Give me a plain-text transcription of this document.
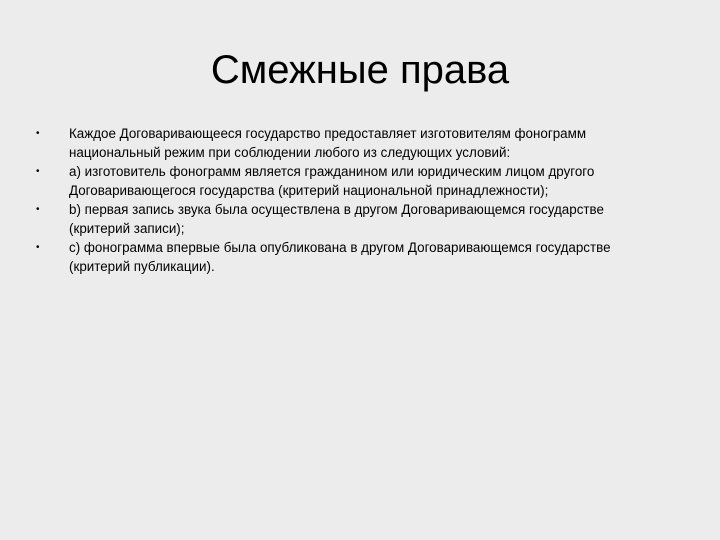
Смежные права
• Каждое Договаривающееся государство предоставляет изготовителям фонограмм национальный режим при соблюдении любого из следующих условий:
• a) изготовитель фонограмм является гражданином или юридическим лицом другого Договаривающегося государства (критерий национальной принадлежности);
• b) первая запись звука была осуществлена в другом Договаривающемся государстве (критерий записи);
• c) фонограмма впервые была опубликована в другом Договаривающемся государстве (критерий публикации).
